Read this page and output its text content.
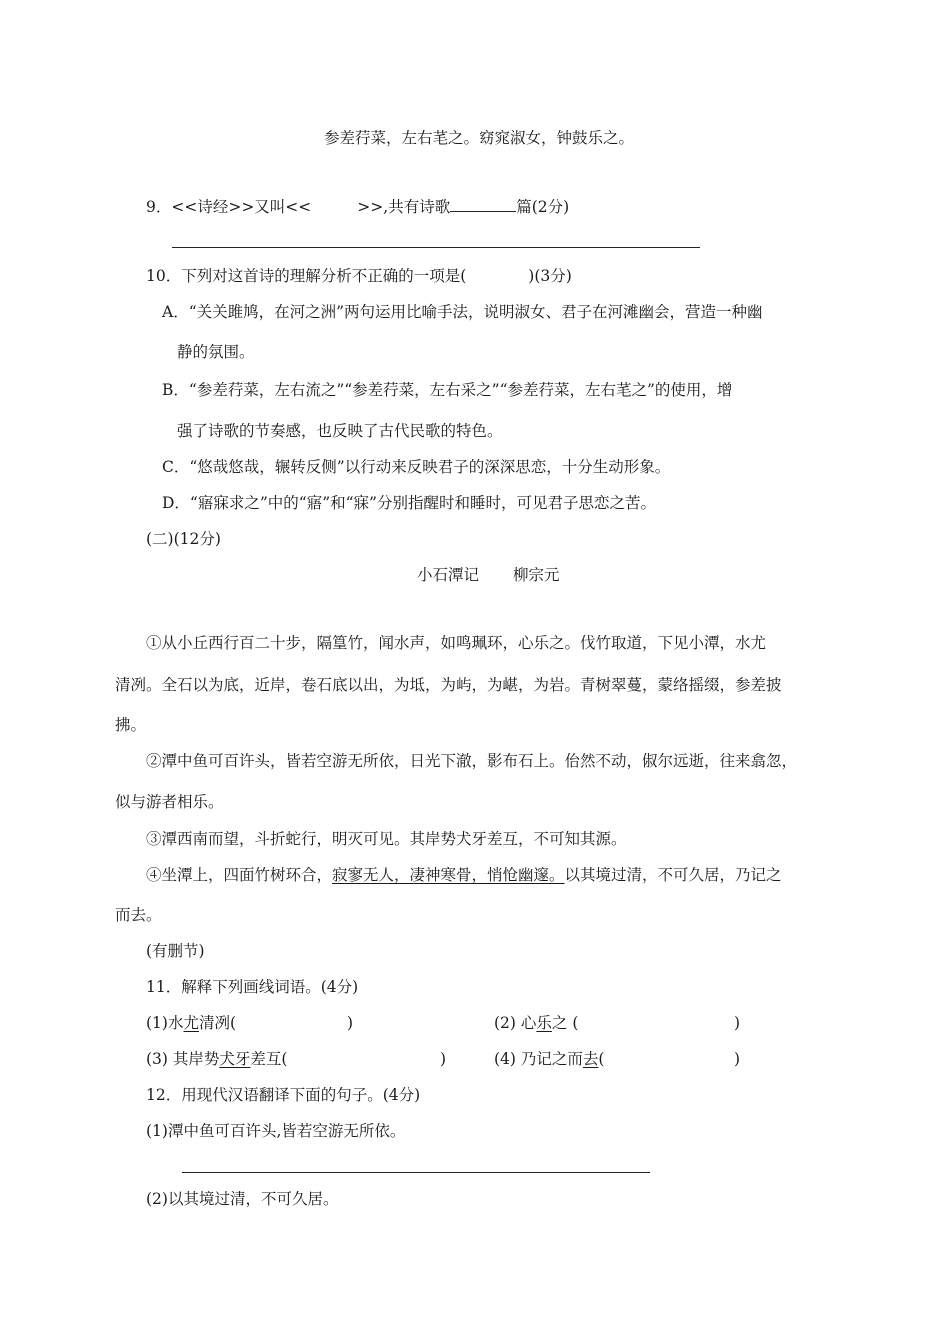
参差荇菜，左右芼之。窈窕淑女，钟鼓乐之。
9．<<诗经>>又叫<<	>>,共有诗歌	篇(2分)
10．下列对这首诗的理解分析不正确的一项是(	)(3分)
A．“关关雎鸠，在河之洲”两句运用比喻手法，说明淑女、君子在河滩幽会，营造一种幽
静的氛围。
B．“参差荇菜，左右流之”“参差荇菜，左右采之”“参差荇菜，左右芼之”的使用，增
强了诗歌的节奏感，也反映了古代民歌的特色。
C．“悠哉悠哉，辗转反侧”以行动来反映君子的深深思恋，十分生动形象。
D．“寤寐求之”中的“寤”和“寐”分别指醒时和睡时，可见君子思恋之苦。
(二)(12分)
小石潭记 柳宗元
①从小丘西行百二十步，隔篁竹，闻水声，如鸣珮环，心乐之。伐竹取道，下见小潭，水尤
清冽。全石以为底，近岸，卷石底以出，为坻，为屿，为嵁，为岩。青树翠蔓，蒙络摇缀，参差披
拂。
②潭中鱼可百许头，皆若空游无所依，日光下澈，影布石上。佁然不动，俶尔远逝，往来翕忽，
似与游者相乐。
③潭西南而望，斗折蛇行，明灭可见。其岸势犬牙差互，不可知其源。
④坐潭上，四面竹树环合，寂寥无人，凄神寒骨，悄怆幽邃。以其境过清，不可久居，乃记之
而去。
(有删节)
11．解释下列画线词语。(4分)
(1)水尤清冽(	)	(2) 心乐之 (	)
(3) 其岸势犬牙差互(	)	(4) 乃记之而去(	)
12．用现代汉语翻译下面的句子。(4分)
(1)潭中鱼可百许头,皆若空游无所依。
(2)以其境过清，不可久居。
